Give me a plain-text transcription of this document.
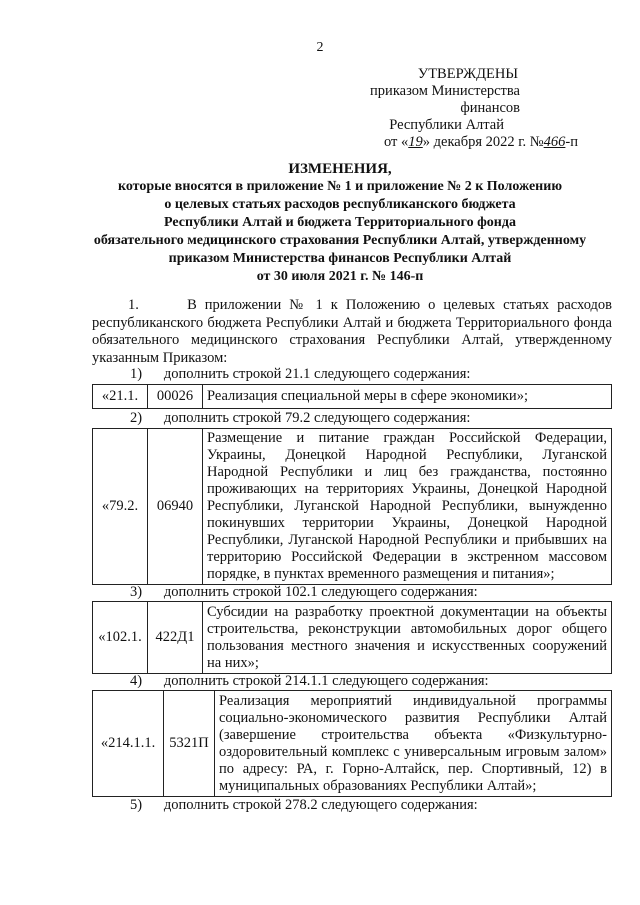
2
УТВЕРЖДЕНЫ
приказом Министерства финансов
Республики Алтай
от «19» декабря 2022 г. №466-п
ИЗМЕНЕНИЯ,
которые вносятся в приложение № 1 и приложение № 2 к Положению
о целевых статьях расходов республиканского бюджета
Республики Алтай и бюджета Территориального фонда
обязательного медицинского страхования Республики Алтай, утвержденному
приказом Министерства финансов Республики Алтай
от 30 июля 2021 г. № 146-п
1.	В приложении № 1 к Положению о целевых статьях расходов республиканского бюджета Республики Алтай и бюджета Территориального фонда обязательного медицинского страхования Республики Алтай, утвержденному указанным Приказом:
1) дополнить строкой 21.1 следующего содержания:
«21.1.	00026	Реализация специальной меры в сфере экономики»;
2) дополнить строкой 79.2 следующего содержания:
«79.2.	06940	Размещение и питание граждан Российской Федерации, Украины, Донецкой Народной Республики, Луганской Народной Республики и лиц без гражданства, постоянно проживающих на территориях Украины, Донецкой Народной Республики, Луганской Народной Республики, вынужденно покинувших территории Украины, Донецкой Народной Республики, Луганской Народной Республики и прибывших на территорию Российской Федерации в экстренном массовом порядке, в пунктах временного размещения и питания»;
3) дополнить строкой 102.1 следующего содержания:
«102.1.	422Д1	Субсидии на разработку проектной документации на объекты строительства, реконструкции автомобильных дорог общего пользования местного значения и искусственных сооружений на них»;
4) дополнить строкой 214.1.1 следующего содержания:
«214.1.1.	5321П	Реализация мероприятий индивидуальной программы социально-экономического развития Республики Алтай (завершение строительства объекта «Физкультурно-оздоровительный комплекс с универсальным игровым залом» по адресу: РА, г. Горно-Алтайск, пер. Спортивный, 12) в муниципальных образованиях Республики Алтай»;
5) дополнить строкой 278.2 следующего содержания:
